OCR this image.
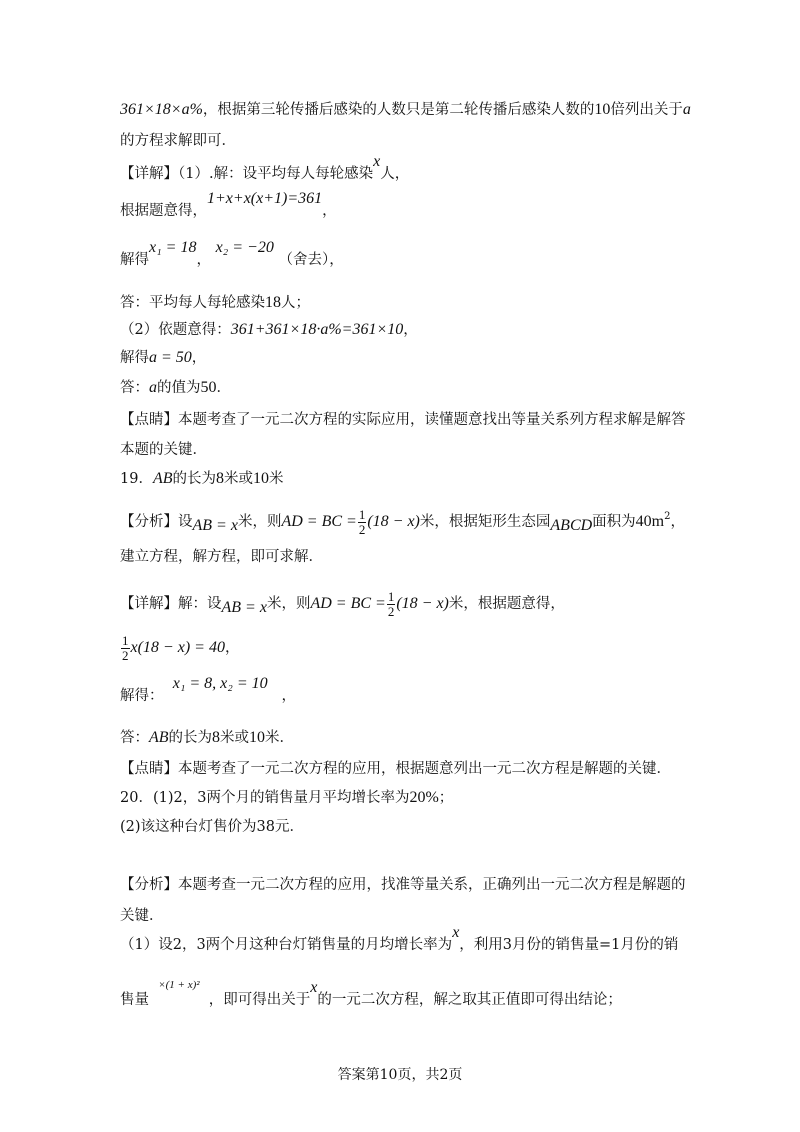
361×18×a%，根据第三轮传播后感染的人数只是第二轮传播后感染人数的10倍列出关于a
的方程求解即可．
【详解】（1）.解：设平均每人每轮感染x人，
根据题意得，1+x+x(x+1)=361，
解得x₁ = 18， x₂ = −20 （舍去），
答：平均每人每轮感染18人；
（2）依题意得：361+361×18·a%=361×10，
解得a = 50，
答：a的值为50．
【点睛】本题考查了一元二次方程的实际应用，读懂题意找出等量关系列方程求解是解答
本题的关键．
19．AB的长为8米或10米
【分析】设AB = x米，则AD = BC = $\frac{1}{2} (18 - x)$米，根据矩形生态园ABCD面积为$40m^2$，
建立方程，解方程，即可求解．
【详解】解：设AB = x米，则AD = BC = $\frac{1}{2} (18 - x)$米，根据题意得，
$\frac{1}{2} x(18 - x) = 40$，
解得：  x₁ = 8, x₂ = 10   ，
答：AB的长为8米或10米．
【点睛】本题考查了一元二次方程的应用，根据题意列出一元二次方程是解题的关键．
20．(1)2，3两个月的销售量月平均增长率为20%；
(2)该这种台灯售价为38元．
【分析】本题考查一元二次方程的应用，找准等量关系，正确列出一元二次方程是解题的
关键．
（1）设2，3两个月这种台灯销售量的月均增长率为x，利用3月份的销售量=1月份的销
售量  $^{\times(1 + x)^2}$  ，即可得出关于x的一元二次方程，解之取其正值即可得出结论；
答案第10页，共2页
